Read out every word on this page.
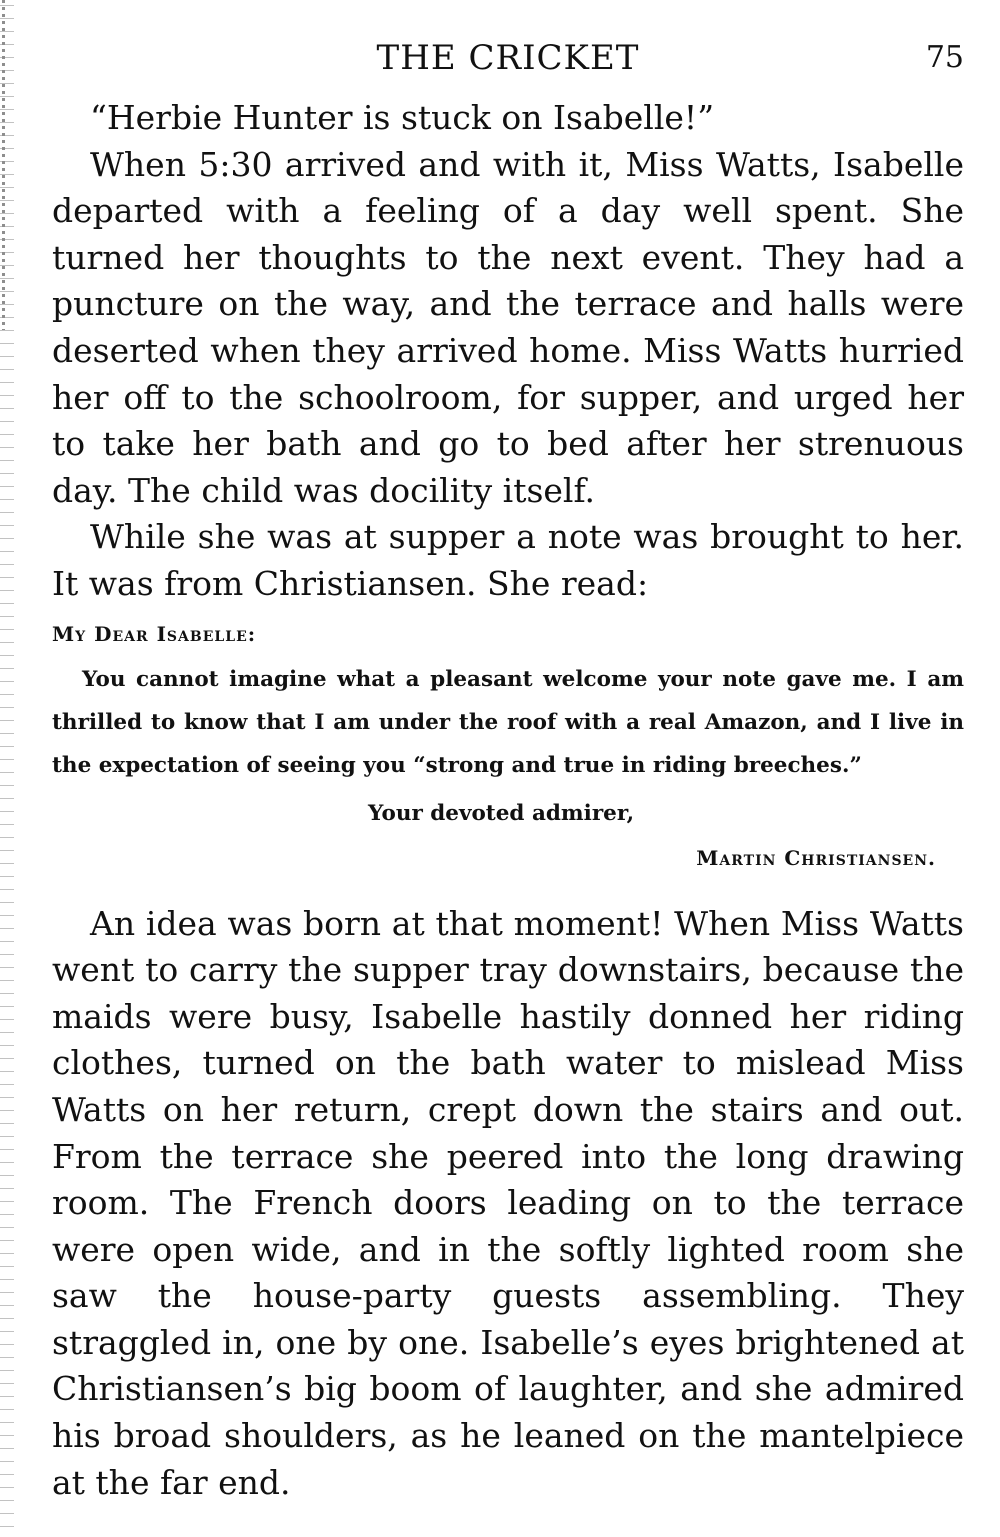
THE CRICKET	75

“Herbie Hunter is stuck on Isabelle!”

When 5:30 arrived and with it, Miss Watts, Isabelle departed with a feeling of a day well spent. She turned her thoughts to the next event. They had a puncture on the way, and the terrace and halls were deserted when they arrived home. Miss Watts hurried her off to the schoolroom, for supper, and urged her to take her bath and go to bed after her strenuous day. The child was docility itself.

While she was at supper a note was brought to her. It was from Christiansen. She read:

My Dear Isabelle:

You cannot imagine what a pleasant welcome your note gave me. I am thrilled to know that I am under the roof with a real Amazon, and I live in the expectation of seeing you “strong and true in riding breeches.”

Your devoted admirer,

Martin Christiansen.

An idea was born at that moment! When Miss Watts went to carry the supper tray downstairs, because the maids were busy, Isabelle hastily donned her riding clothes, turned on the bath water to mislead Miss Watts on her return, crept down the stairs and out. From the terrace she peered into the long drawing room. The French doors leading on to the terrace were open wide, and in the softly lighted room she saw the house-party guests assembling. They straggled in, one by one. Isabelle’s eyes brightened at Christiansen’s big boom of laughter, and she admired his broad shoulders, as he leaned on the mantelpiece at the far end.
